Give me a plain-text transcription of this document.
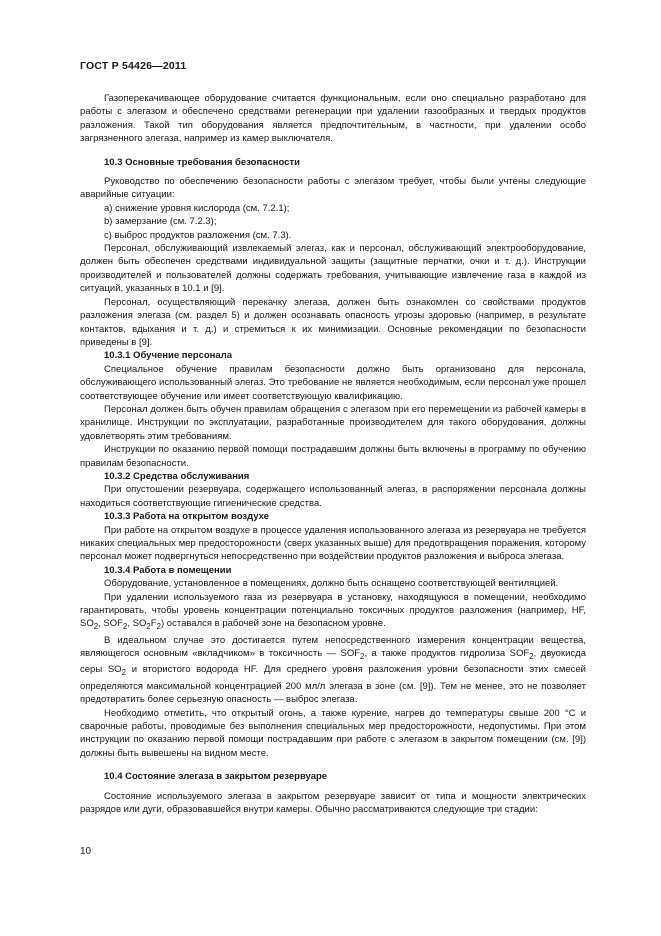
ГОСТ Р 54426—2011

Газоперекачивающее оборудование считается функциональным, если оно специально разработано для работы с элегазом и обеспечено средствами регенерации при удалении газообразных и твердых продуктов разложения. Такой тип оборудования является предпочтительным, в частности, при удалении особо загрязненного элегаза, например из камер выключателя.

10.3 Основные требования безопасности

Руководство по обеспечению безопасности работы с элегазом требует, чтобы были учтены следующие аварийные ситуации:

a) снижение уровня кислорода (см. 7.2.1);

b) замерзание (см. 7.2.3);

c) выброс продуктов разложения (см. 7.3).

Персонал, обслуживающий извлекаемый элегаз, как и персонал, обслуживающий электрооборудование, должен быть обеспечен средствами индивидуальной защиты (защитные перчатки, очки и т. д.). Инструкции производителей и пользователей должны содержать требования, учитывающие извлечение газа в каждой из ситуаций, указанных в 10.1 и [9].

Персонал, осуществляющий перекачку элегаза, должен быть ознакомлен со свойствами продуктов разложения элегаза (см. раздел 5) и должен осознавать опасность угрозы здоровью (например, в результате контактов, вдыхания и т. д.) и стремиться к их минимизации. Основные рекомендации по безопасности приведены в [9].

10.3.1 Обучение персонала

Специальное обучение правилам безопасности должно быть организовано для персонала, обслуживающего использованный элегаз. Это требование не является необходимым, если персонал уже прошел соответствующее обучение или имеет соответствующую квалификацию.

Персонал должен быть обучен правилам обращения с элегазом при его перемещении из рабочей камеры в хранилище. Инструкции по эксплуатации, разработанные производителем для такого оборудования, должны удовлетворять этим требованиям.

Инструкции по оказанию первой помощи пострадавшим должны быть включены в программу по обучению правилам безопасности.

10.3.2 Средства обслуживания

При опустошении резервуара, содержащего использованный элегаз, в распоряжении персонала должны находиться соответствующие гигиенические средства.

10.3.3 Работа на открытом воздухе

При работе на открытом воздухе в процессе удаления использованного элегаза из резервуара не требуется никаких специальных мер предосторожности (сверх указанных выше) для предотвращения поражения, которому персонал может подвергнуться непосредственно при воздействии продуктов разложения и выброса элегаза.

10.3.4 Работа в помещении

Оборудование, установленное в помещениях, должно быть оснащено соответствующей вентиляцией.

При удалении используемого газа из резервуара в установку, находящуюся в помещении, необходимо гарантировать, чтобы уровень концентрации потенциально токсичных продуктов разложения (например, HF, $SO_2$, $SOF_2$, $SO_2F_2$) оставался в рабочей зоне на безопасном уровне.

В идеальном случае это достигается путем непосредственного измерения концентрации вещества, являющегося основным «вкладчиком» в токсичность — $SOF_2$, а также продуктов гидролиза $SOF_2$, двуокисда серы $SO_2$ и втористого водорода HF. Для среднего уровня разложения уровни безопасности этих смесей определяются максимальной концентрацией 200 мл/л элегаза в зоне (см. [9]). Тем не менее, это не позволяет предотвратить более серьезную опасность — выброс элегаза.

Необходимо отметить, что открытый огонь, а также курение, нагрев до температуры свыше 200 °C и сварочные работы, проводимые без выполнения специальных мер предосторожности, недопустимы. При этом инструкции по оказанию первой помощи пострадавшим при работе с элегазом в закрытом помещении (см. [9]) должны быть вывешены на видном месте.

10.4 Состояние элегаза в закрытом резервуаре

Состояние используемого элегаза в закрытом резервуаре зависит от типа и мощности электрических разрядов или дуги, образовавшейся внутри камеры. Обычно рассматриваются следующие три стадии:

10
